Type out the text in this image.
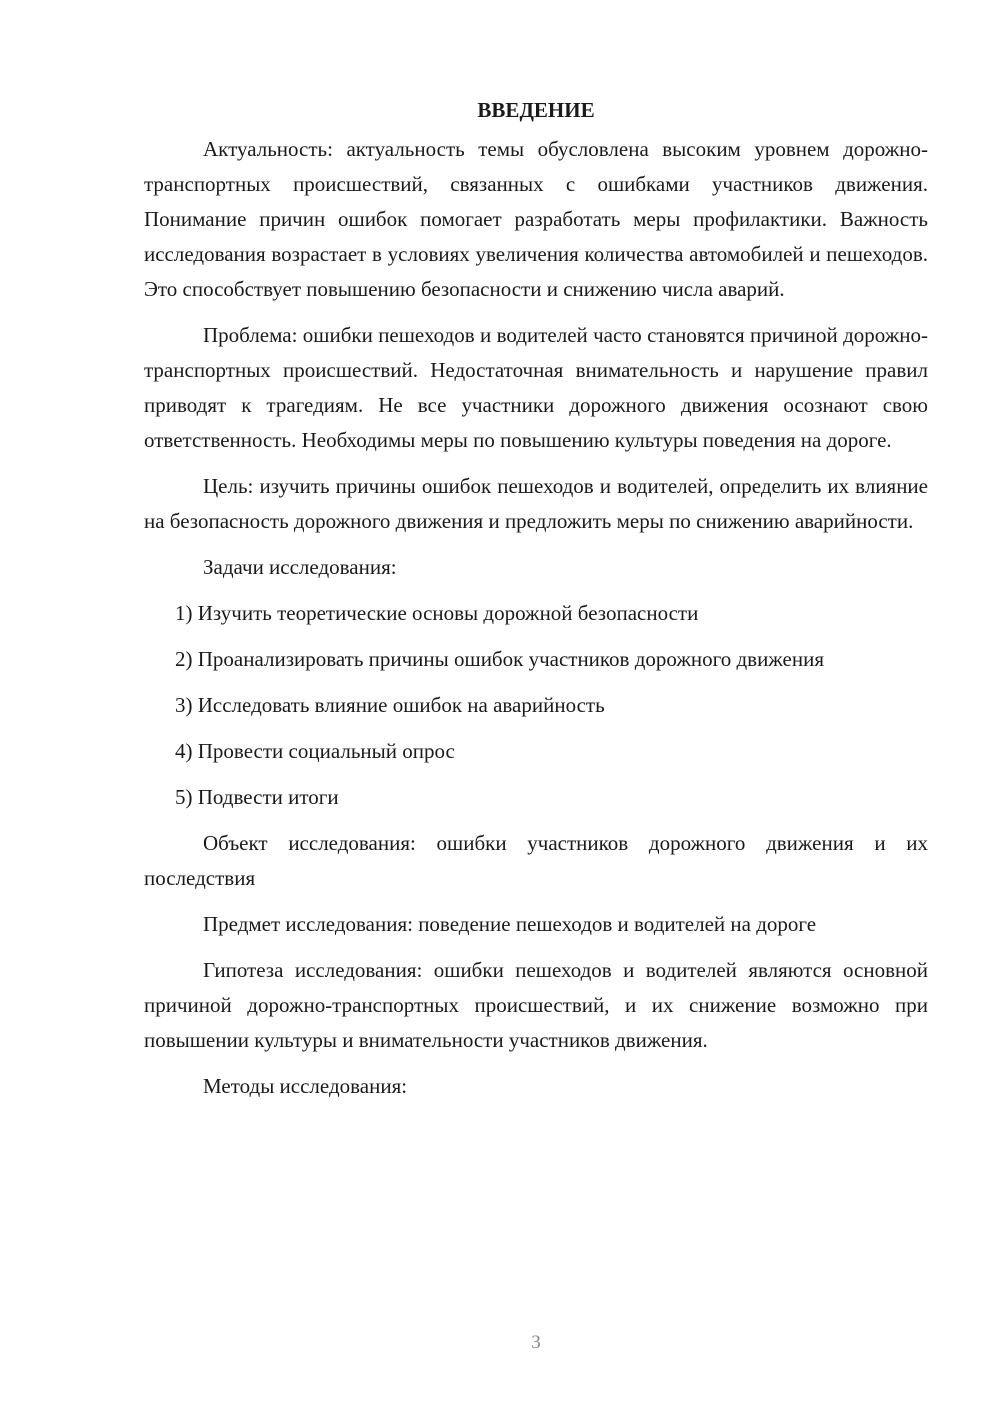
ВВЕДЕНИЕ

Актуальность: актуальность темы обусловлена высоким уровнем дорожно-транспортных происшествий, связанных с ошибками участников движения. Понимание причин ошибок помогает разработать меры профилактики. Важность исследования возрастает в условиях увеличения количества автомобилей и пешеходов. Это способствует повышению безопасности и снижению числа аварий.

Проблема: ошибки пешеходов и водителей часто становятся причиной дорожно-транспортных происшествий. Недостаточная внимательность и нарушение правил приводят к трагедиям. Не все участники дорожного движения осознают свою ответственность. Необходимы меры по повышению культуры поведения на дороге.

Цель: изучить причины ошибок пешеходов и водителей, определить их влияние на безопасность дорожного движения и предложить меры по снижению аварийности.

Задачи исследования:

1) Изучить теоретические основы дорожной безопасности

2) Проанализировать причины ошибок участников дорожного движения

3) Исследовать влияние ошибок на аварийность

4) Провести социальный опрос

5) Подвести итоги

Объект исследования: ошибки участников дорожного движения и их последствия

Предмет исследования: поведение пешеходов и водителей на дороге

Гипотеза исследования: ошибки пешеходов и водителей являются основной причиной дорожно-транспортных происшествий, и их снижение возможно при повышении культуры и внимательности участников движения.

Методы исследования:

3
